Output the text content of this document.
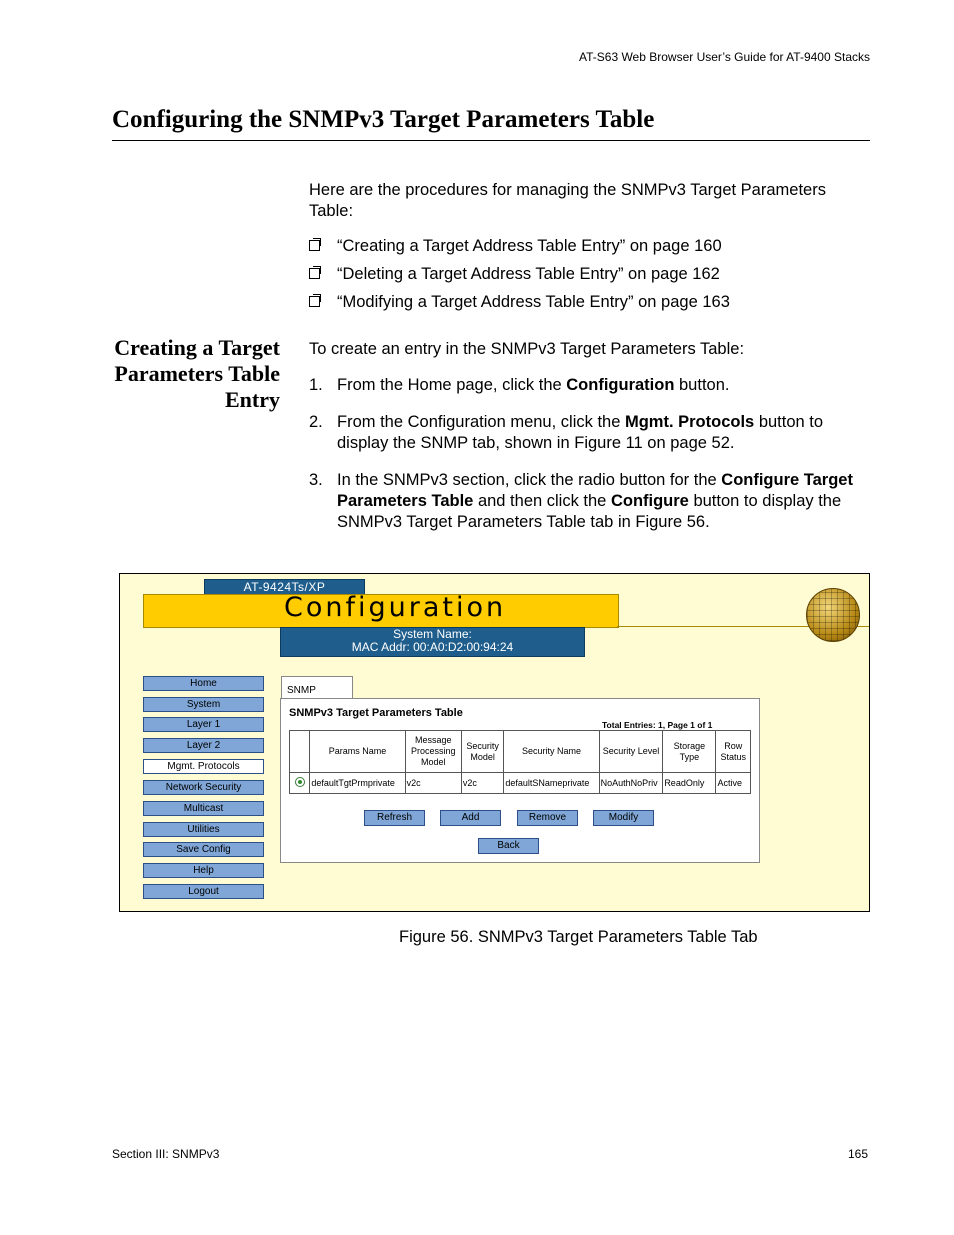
AT-S63 Web Browser User’s Guide for AT-9400 Stacks
Configuring the SNMPv3 Target Parameters Table
Here are the procedures for managing the SNMPv3 Target Parameters Table:
“Creating a Target Address Table Entry” on page 160
“Deleting a Target Address Table Entry” on page 162
“Modifying a Target Address Table Entry” on page 163
Creating a Target
Parameters Table
Entry
To create an entry in the SNMPv3 Target Parameters Table:
1. From the Home page, click the Configuration button.
2. From the Configuration menu, click the Mgmt. Protocols button to display the SNMP tab, shown in Figure 11 on page 52.
3. In the SNMPv3 section, click the radio button for the Configure Target Parameters Table and then click the Configure button to display the SNMPv3 Target Parameters Table tab in Figure 56.
AT-9424Ts/XP
Configuration
System Name:
MAC Addr: 00:A0:D2:00:94:24
Home
System
Layer 1
Layer 2
Mgmt. Protocols
Network Security
Multicast
Utilities
Save Config
Help
Logout
SNMP
SNMPv3 Target Parameters Table
Total Entries: 1, Page 1 of 1
	Params Name	Message Processing Model	Security Model	Security Name	Security Level	Storage Type	Row Status
	defaultTgtPrmprivate	v2c	v2c	defaultSNameprivate	NoAuthNoPriv	ReadOnly	Active
Refresh	Add	Remove	Modify
Back
Figure 56. SNMPv3 Target Parameters Table Tab
Section III: SNMPv3	165
